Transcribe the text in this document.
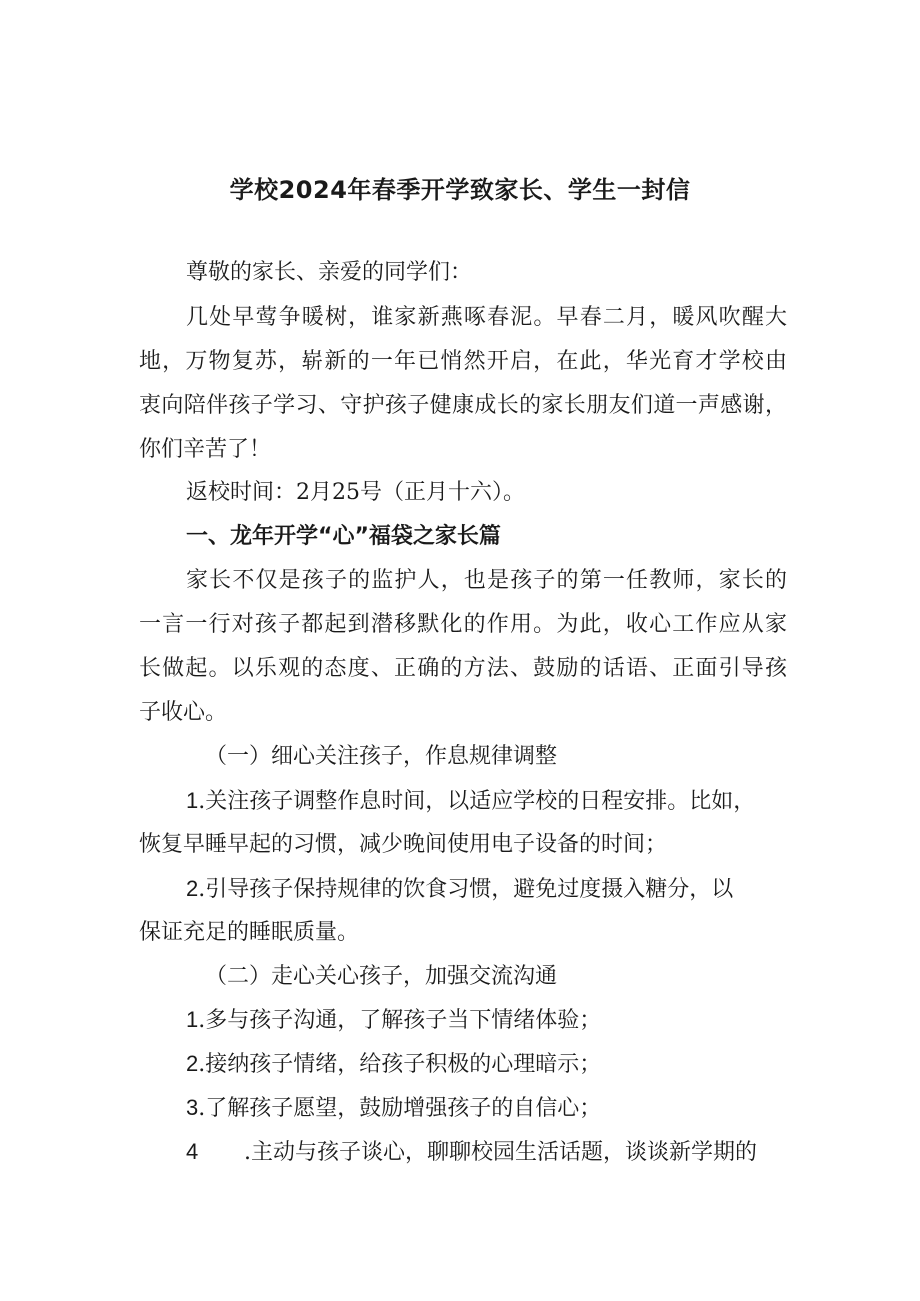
学校2024年春季开学致家长、学生一封信
尊敬的家长、亲爱的同学们：
几处早莺争暖树，谁家新燕啄春泥。早春二月，暖风吹醒大
地，万物复苏，崭新的一年已悄然开启，在此，华光育才学校由
衷向陪伴孩子学习、守护孩子健康成长的家长朋友们道一声感谢，
你们辛苦了！
返校时间：2月25号（正月十六）。
一、龙年开学“心”福袋之家长篇
家长不仅是孩子的监护人，也是孩子的第一任教师，家长的
一言一行对孩子都起到潜移默化的作用。为此，收心工作应从家
长做起。以乐观的态度、正确的方法、鼓励的话语、正面引导孩
子收心。
（一）细心关注孩子，作息规律调整
1.关注孩子调整作息时间，以适应学校的日程安排。比如，
恢复早睡早起的习惯，减少晚间使用电子设备的时间；
2.引导孩子保持规律的饮食习惯，避免过度摄入糖分，以
保证充足的睡眠质量。
（二）走心关心孩子，加强交流沟通
1.多与孩子沟通，了解孩子当下情绪体验；
2.接纳孩子情绪，给孩子积极的心理暗示；
3.了解孩子愿望，鼓励增强孩子的自信心；
4 .主动与孩子谈心，聊聊校园生活话题，谈谈新学期的
